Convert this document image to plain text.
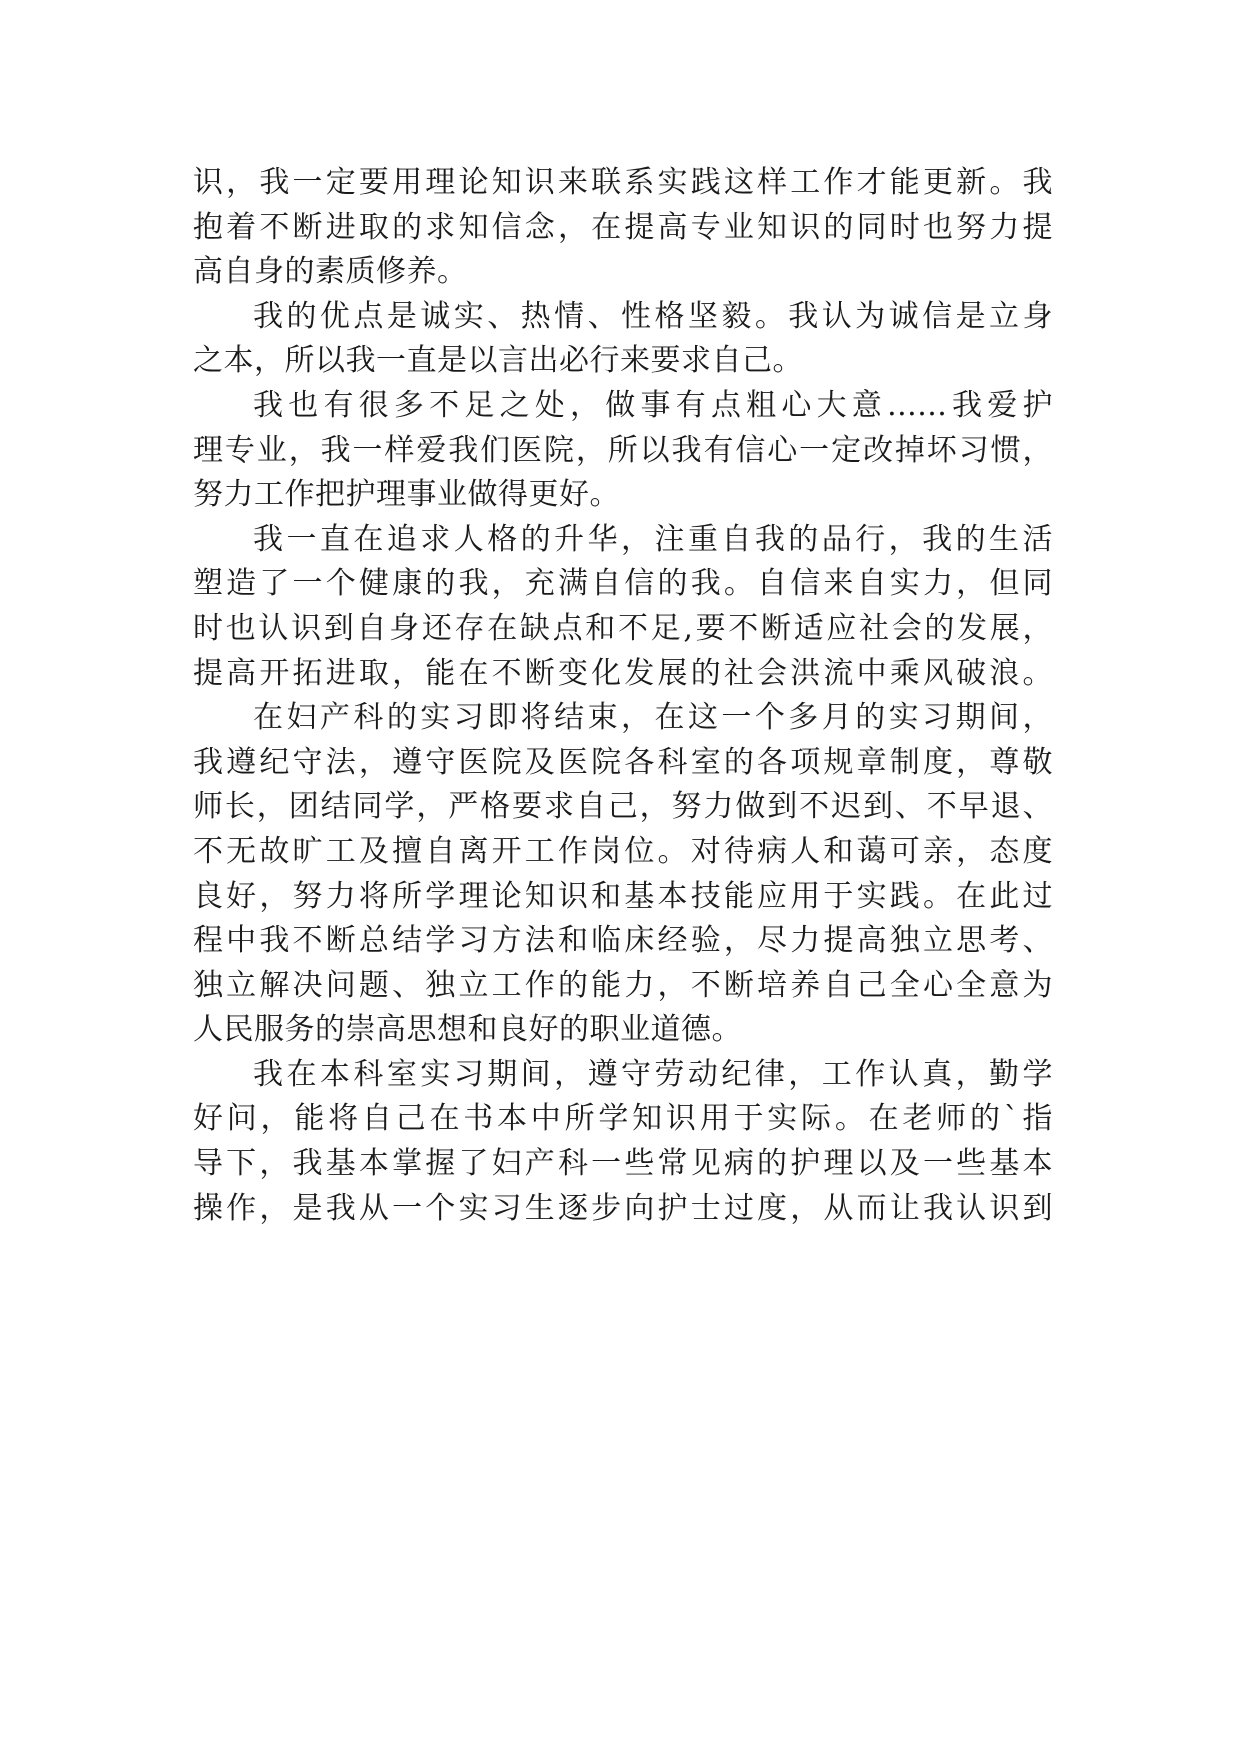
识，我一定要用理论知识来联系实践这样工作才能更新。我
抱着不断进取的求知信念，在提高专业知识的同时也努力提
高自身的素质修养。
我的优点是诚实、热情、性格坚毅。我认为诚信是立身
之本，所以我一直是以言出必行来要求自己。
我也有很多不足之处，做事有点粗心大意......我爱护
理专业，我一样爱我们医院，所以我有信心一定改掉坏习惯，
努力工作把护理事业做得更好。
我一直在追求人格的升华，注重自我的品行，我的生活
塑造了一个健康的我，充满自信的我。自信来自实力，但同
时也认识到自身还存在缺点和不足,要不断适应社会的发展，
提高开拓进取，能在不断变化发展的社会洪流中乘风破浪。
在妇产科的实习即将结束，在这一个多月的实习期间，
我遵纪守法，遵守医院及医院各科室的各项规章制度，尊敬
师长，团结同学，严格要求自己，努力做到不迟到、不早退、
不无故旷工及擅自离开工作岗位。对待病人和蔼可亲，态度
良好，努力将所学理论知识和基本技能应用于实践。在此过
程中我不断总结学习方法和临床经验，尽力提高独立思考、
独立解决问题、独立工作的能力，不断培养自己全心全意为
人民服务的崇高思想和良好的职业道德。
我在本科室实习期间，遵守劳动纪律，工作认真，勤学
好问，能将自己在书本中所学知识用于实际。在老师的`指
导下，我基本掌握了妇产科一些常见病的护理以及一些基本
操作，是我从一个实习生逐步向护士过度，从而让我认识到
